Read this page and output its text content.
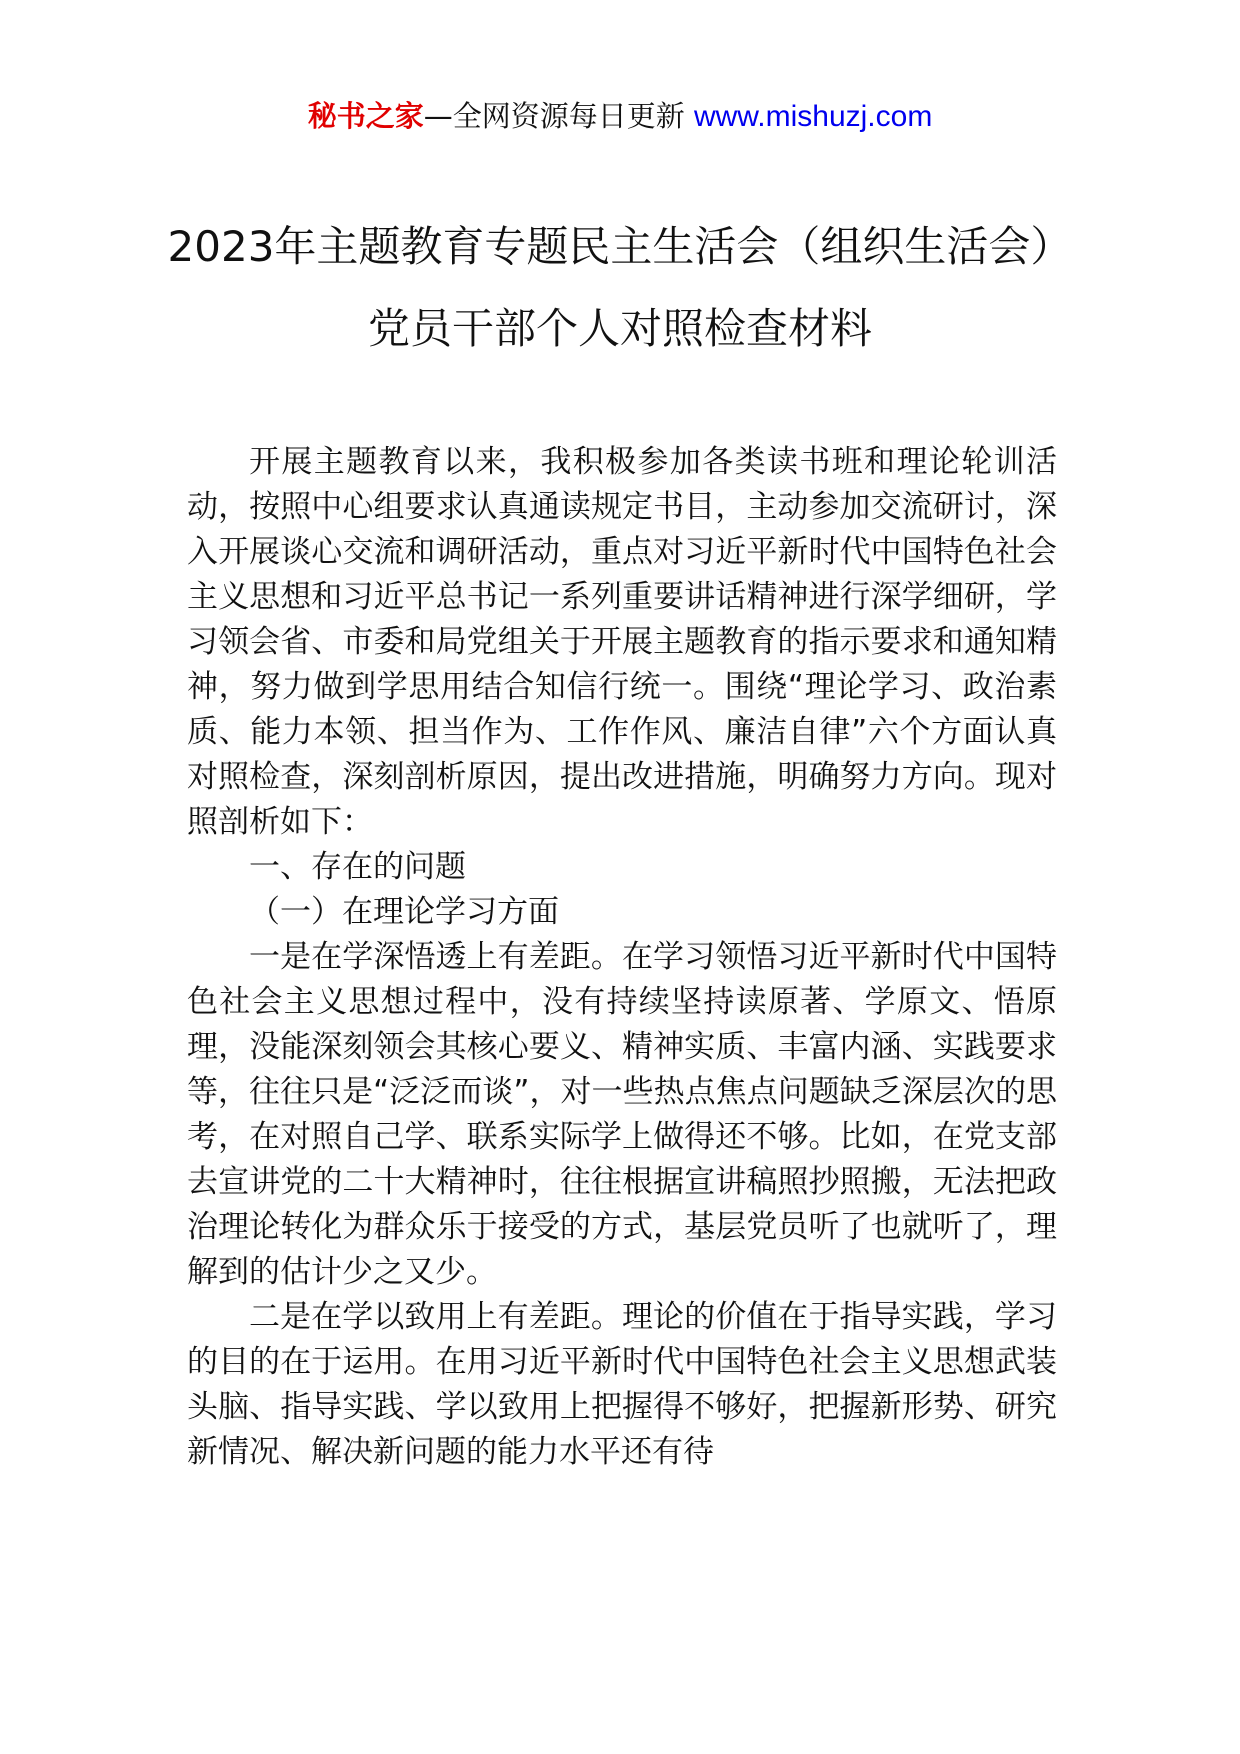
秘书之家—全网资源每日更新 www.mishuzj.com
2023年主题教育专题民主生活会（组织生活会）党员干部个人对照检查材料

开展主题教育以来，我积极参加各类读书班和理论轮训活动，按照中心组要求认真通读规定书目，主动参加交流研讨，深入开展谈心交流和调研活动，重点对习近平新时代中国特色社会主义思想和习近平总书记一系列重要讲话精神进行深学细研，学习领会省、市委和局党组关于开展主题教育的指示要求和通知精神，努力做到学思用结合知信行统一。围绕“理论学习、政治素质、能力本领、担当作为、工作作风、廉洁自律”六个方面认真对照检查，深刻剖析原因，提出改进措施，明确努力方向。现对照剖析如下：

一、存在的问题

（一）在理论学习方面

一是在学深悟透上有差距。在学习领悟习近平新时代中国特色社会主义思想过程中，没有持续坚持读原著、学原文、悟原理，没能深刻领会其核心要义、精神实质、丰富内涵、实践要求等，往往只是“泛泛而谈”，对一些热点焦点问题缺乏深层次的思考，在对照自己学、联系实际学上做得还不够。比如，在党支部去宣讲党的二十大精神时，往往根据宣讲稿照抄照搬，无法把政治理论转化为群众乐于接受的方式，基层党员听了也就听了，理解到的估计少之又少。

二是在学以致用上有差距。理论的价值在于指导实践，学习的目的在于运用。在用习近平新时代中国特色社会主义思想武装头脑、指导实践、学以致用上把握得不够好，把握新形势、研究新情况、解决新问题的能力水平还有待
